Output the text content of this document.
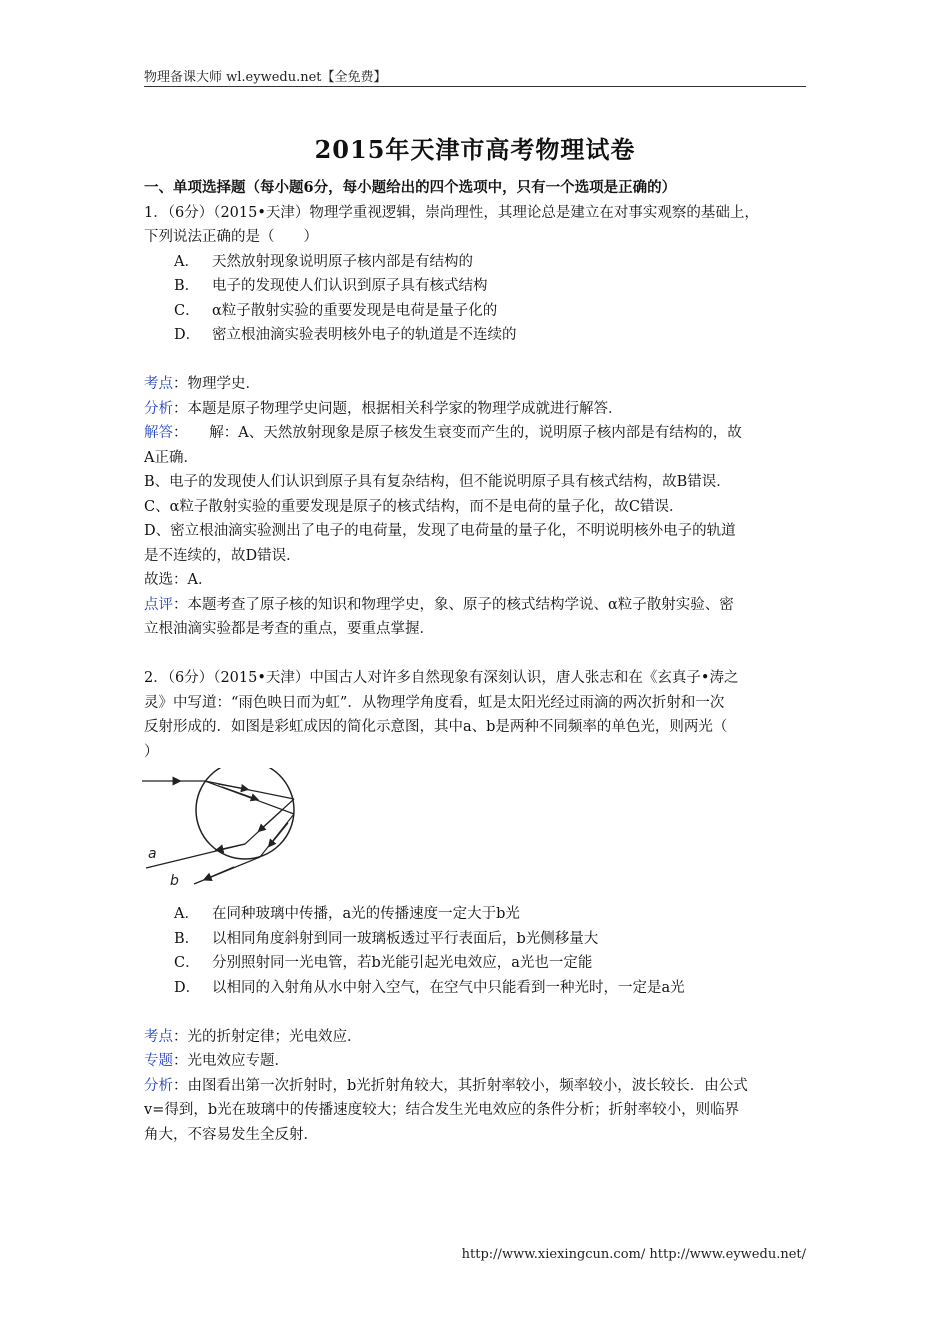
物理备课大师 wl.eywedu.net【全免费】
2015年天津市高考物理试卷

一、单项选择题（每小题6分，每小题给出的四个选项中，只有一个选项是正确的）

1．（6分）（2015•天津）物理学重视逻辑，崇尚理性，其理论总是建立在对事实观察的基础上，

下列说法正确的是（　　）

A． 天然放射现象说明原子核内部是有结构的

B． 电子的发现使人们认识到原子具有核式结构

C． α粒子散射实验的重要发现是电荷是量子化的

D． 密立根油滴实验表明核外电子的轨道是不连续的

考点：物理学史．

分析：本题是原子物理学史问题，根据相关科学家的物理学成就进行解答．

解答：　　解：A、天然放射现象是原子核发生衰变而产生的，说明原子核内部是有结构的，故

A正确．

B、电子的发现使人们认识到原子具有复杂结构，但不能说明原子具有核式结构，故B错误．

C、α粒子散射实验的重要发现是原子的核式结构，而不是电荷的量子化，故C错误．

D、密立根油滴实验测出了电子的电荷量，发现了电荷量的量子化，不明说明核外电子的轨道

是不连续的，故D错误．

故选：A．

点评：本题考查了原子核的知识和物理学史，象、原子的核式结构学说、α粒子散射实验、密

立根油滴实验都是考查的重点，要重点掌握．

2．（6分）（2015•天津）中国古人对许多自然现象有深刻认识，唐人张志和在《玄真子•涛之

灵》中写道：“雨色映日而为虹”．从物理学角度看，虹是太阳光经过雨滴的两次折射和一次

反射形成的．如图是彩虹成因的简化示意图，其中a、b是两种不同频率的单色光，则两光（

）

a
b

A． 在同种玻璃中传播，a光的传播速度一定大于b光

B． 以相同角度斜射到同一玻璃板透过平行表面后，b光侧移量大

C． 分别照射同一光电管，若b光能引起光电效应，a光也一定能

D． 以相同的入射角从水中射入空气，在空气中只能看到一种光时，一定是a光

考点：光的折射定律；光电效应．

专题：光电效应专题．

分析：由图看出第一次折射时，b光折射角较大，其折射率较小，频率较小，波长较长．由公式

v=得到，b光在玻璃中的传播速度较大；结合发生光电效应的条件分析；折射率较小，则临界

角大，不容易发生全反射．

http://www.xiexingcun.com/ http://www.eywedu.net/
